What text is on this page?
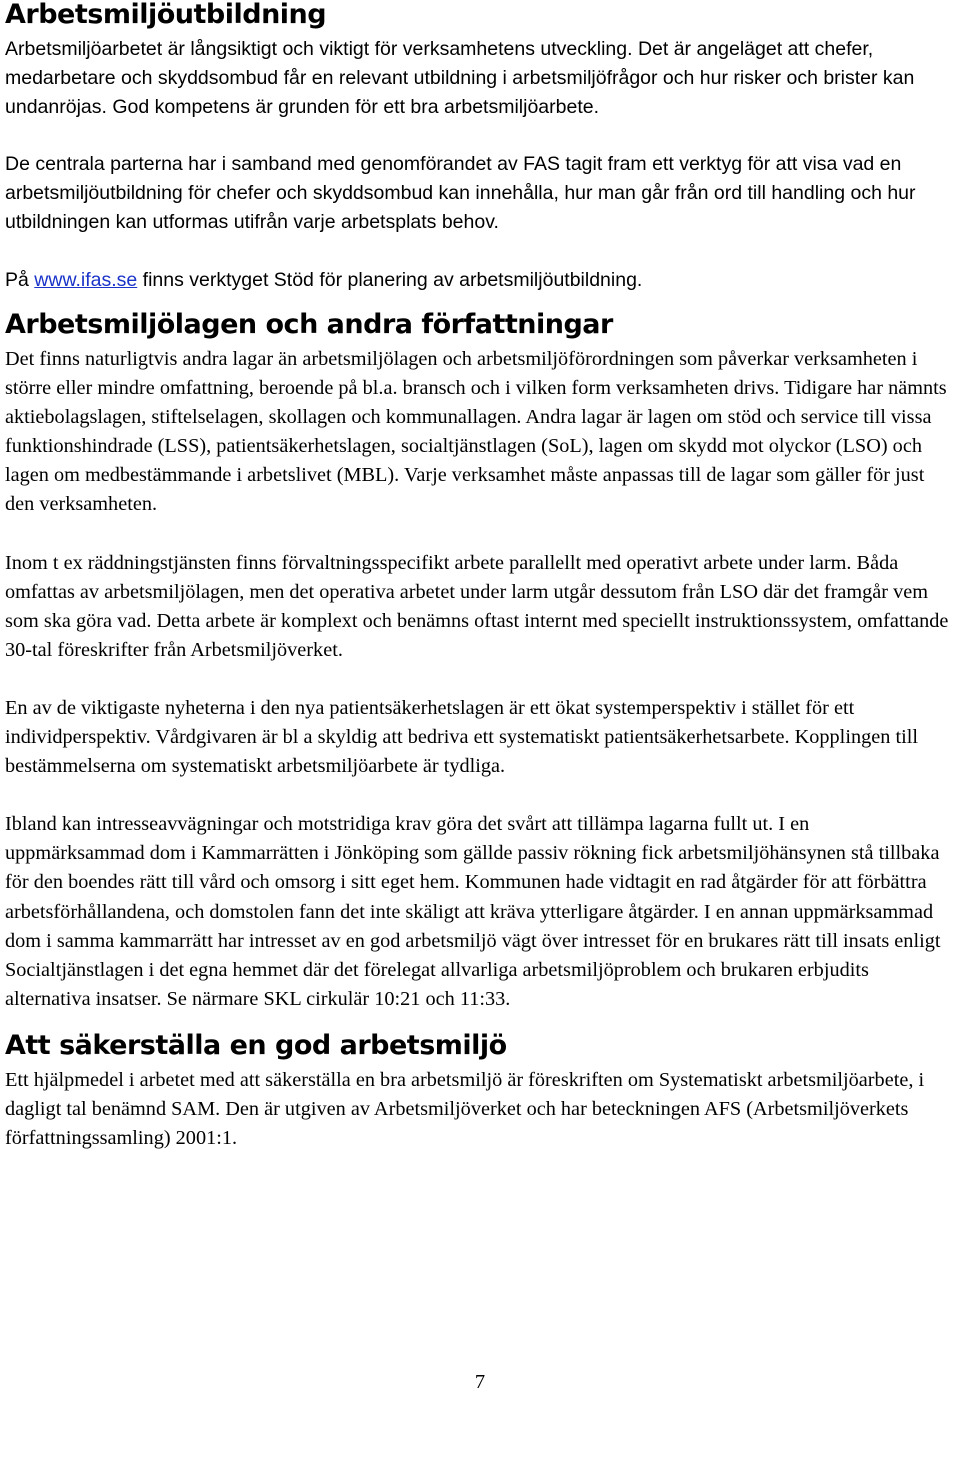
Arbetsmiljöutbildning

Arbetsmiljöarbetet är långsiktigt och viktigt för verksamhetens utveckling. Det är angeläget att chefer, medarbetare och skyddsombud får en relevant utbildning i arbetsmiljöfrågor och hur risker och brister kan undanröjas. God kompetens är grunden för ett bra arbetsmiljöarbete.

De centrala parterna har i samband med genomförandet av FAS tagit fram ett verktyg för att visa vad en arbetsmiljöutbildning för chefer och skyddsombud kan innehålla, hur man går från ord till handling och hur utbildningen kan utformas utifrån varje arbetsplats behov.

På www.ifas.se finns verktyget Stöd för planering av arbetsmiljöutbildning.

Arbetsmiljölagen och andra författningar

Det finns naturligtvis andra lagar än arbetsmiljölagen och arbetsmiljöförordningen som påverkar verksamheten i större eller mindre omfattning, beroende på bl.a. bransch och i vilken form verksamheten drivs. Tidigare har nämnts aktiebolagslagen, stiftelselagen, skollagen och kommunallagen. Andra lagar är lagen om stöd och service till vissa funktionshindrade (LSS), patientsäkerhetslagen, socialtjänstlagen (SoL), lagen om skydd mot olyckor (LSO) och lagen om medbestämmande i arbetslivet (MBL). Varje verksamhet måste anpassas till de lagar som gäller för just den verksamheten.

Inom t ex räddningstjänsten finns förvaltningsspecifikt arbete parallellt med operativt arbete under larm. Båda omfattas av arbetsmiljölagen, men det operativa arbetet under larm utgår dessutom från LSO där det framgår vem som ska göra vad. Detta arbete är komplext och benämns oftast internt med speciellt instruktionssystem, omfattande 30-tal föreskrifter från Arbetsmiljöverket.

En av de viktigaste nyheterna i den nya patientsäkerhetslagen är ett ökat systemperspektiv i stället för ett individperspektiv. Vårdgivaren är bl a skyldig att bedriva ett systematiskt patientsäkerhetsarbete. Kopplingen till bestämmelserna om systematiskt arbetsmiljöarbete är tydliga.

Ibland kan intresseavvägningar och motstridiga krav göra det svårt att tillämpa lagarna fullt ut. I en uppmärksammad dom i Kammarrätten i Jönköping som gällde passiv rökning fick arbetsmiljöhänsynen stå tillbaka för den boendes rätt till vård och omsorg i sitt eget hem. Kommunen hade vidtagit en rad åtgärder för att förbättra arbetsförhållandena, och domstolen fann det inte skäligt att kräva ytterligare åtgärder. I en annan uppmärksammad dom i samma kammarrätt har intresset av en god arbetsmiljö vägt över intresset för en brukares rätt till insats enligt Socialtjänstlagen i det egna hemmet där det förelegat allvarliga arbetsmiljöproblem och brukaren erbjudits alternativa insatser. Se närmare SKL cirkulär 10:21 och 11:33.

Att säkerställa en god arbetsmiljö

Ett hjälpmedel i arbetet med att säkerställa en bra arbetsmiljö är föreskriften om Systematiskt arbetsmiljöarbete, i dagligt tal benämnd SAM. Den är utgiven av Arbetsmiljöverket och har beteckningen AFS (Arbetsmiljöverkets författningssamling) 2001:1.

7
